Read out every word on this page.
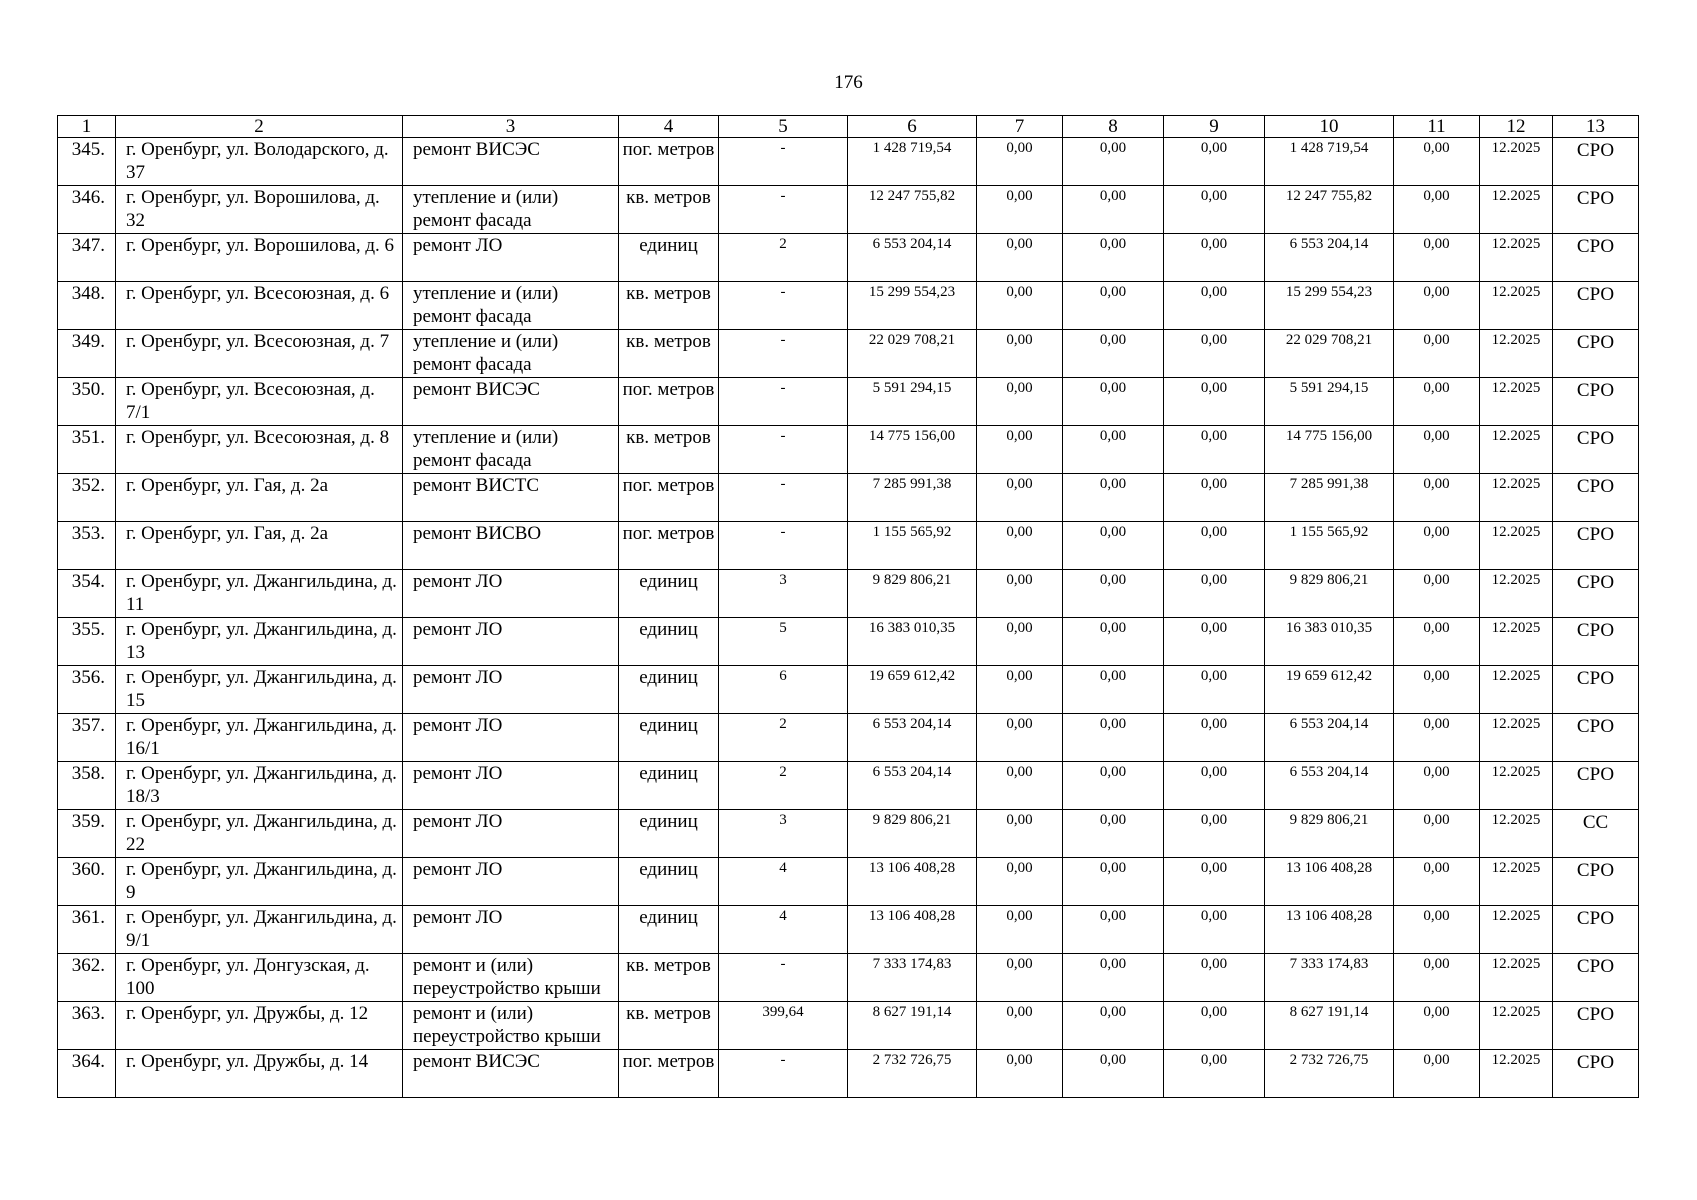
176
1	2	3	4	5	6	7	8	9	10	11	12	13
345.	г. Оренбург, ул. Володарского, д. 37	ремонт ВИСЭС	пог. метров	-	1 428 719,54	0,00	0,00	0,00	1 428 719,54	0,00	12.2025	СРО
346.	г. Оренбург, ул. Ворошилова, д. 32	утепление и (или) ремонт фасада	кв. метров	-	12 247 755,82	0,00	0,00	0,00	12 247 755,82	0,00	12.2025	СРО
347.	г. Оренбург, ул. Ворошилова, д. 6	ремонт ЛО	единиц	2	6 553 204,14	0,00	0,00	0,00	6 553 204,14	0,00	12.2025	СРО
348.	г. Оренбург, ул. Всесоюзная, д. 6	утепление и (или) ремонт фасада	кв. метров	-	15 299 554,23	0,00	0,00	0,00	15 299 554,23	0,00	12.2025	СРО
349.	г. Оренбург, ул. Всесоюзная, д. 7	утепление и (или) ремонт фасада	кв. метров	-	22 029 708,21	0,00	0,00	0,00	22 029 708,21	0,00	12.2025	СРО
350.	г. Оренбург, ул. Всесоюзная, д. 7/1	ремонт ВИСЭС	пог. метров	-	5 591 294,15	0,00	0,00	0,00	5 591 294,15	0,00	12.2025	СРО
351.	г. Оренбург, ул. Всесоюзная, д. 8	утепление и (или) ремонт фасада	кв. метров	-	14 775 156,00	0,00	0,00	0,00	14 775 156,00	0,00	12.2025	СРО
352.	г. Оренбург, ул. Гая, д. 2а	ремонт ВИСТС	пог. метров	-	7 285 991,38	0,00	0,00	0,00	7 285 991,38	0,00	12.2025	СРО
353.	г. Оренбург, ул. Гая, д. 2а	ремонт ВИСВО	пог. метров	-	1 155 565,92	0,00	0,00	0,00	1 155 565,92	0,00	12.2025	СРО
354.	г. Оренбург, ул. Джангильдина, д. 11	ремонт ЛО	единиц	3	9 829 806,21	0,00	0,00	0,00	9 829 806,21	0,00	12.2025	СРО
355.	г. Оренбург, ул. Джангильдина, д. 13	ремонт ЛО	единиц	5	16 383 010,35	0,00	0,00	0,00	16 383 010,35	0,00	12.2025	СРО
356.	г. Оренбург, ул. Джангильдина, д. 15	ремонт ЛО	единиц	6	19 659 612,42	0,00	0,00	0,00	19 659 612,42	0,00	12.2025	СРО
357.	г. Оренбург, ул. Джангильдина, д. 16/1	ремонт ЛО	единиц	2	6 553 204,14	0,00	0,00	0,00	6 553 204,14	0,00	12.2025	СРО
358.	г. Оренбург, ул. Джангильдина, д. 18/3	ремонт ЛО	единиц	2	6 553 204,14	0,00	0,00	0,00	6 553 204,14	0,00	12.2025	СРО
359.	г. Оренбург, ул. Джангильдина, д. 22	ремонт ЛО	единиц	3	9 829 806,21	0,00	0,00	0,00	9 829 806,21	0,00	12.2025	СС
360.	г. Оренбург, ул. Джангильдина, д. 9	ремонт ЛО	единиц	4	13 106 408,28	0,00	0,00	0,00	13 106 408,28	0,00	12.2025	СРО
361.	г. Оренбург, ул. Джангильдина, д. 9/1	ремонт ЛО	единиц	4	13 106 408,28	0,00	0,00	0,00	13 106 408,28	0,00	12.2025	СРО
362.	г. Оренбург, ул. Донгузская, д. 100	ремонт и (или) переустройство крыши	кв. метров	-	7 333 174,83	0,00	0,00	0,00	7 333 174,83	0,00	12.2025	СРО
363.	г. Оренбург, ул. Дружбы, д. 12	ремонт и (или) переустройство крыши	кв. метров	399,64	8 627 191,14	0,00	0,00	0,00	8 627 191,14	0,00	12.2025	СРО
364.	г. Оренбург, ул. Дружбы, д. 14	ремонт ВИСЭС	пог. метров	-	2 732 726,75	0,00	0,00	0,00	2 732 726,75	0,00	12.2025	СРО
